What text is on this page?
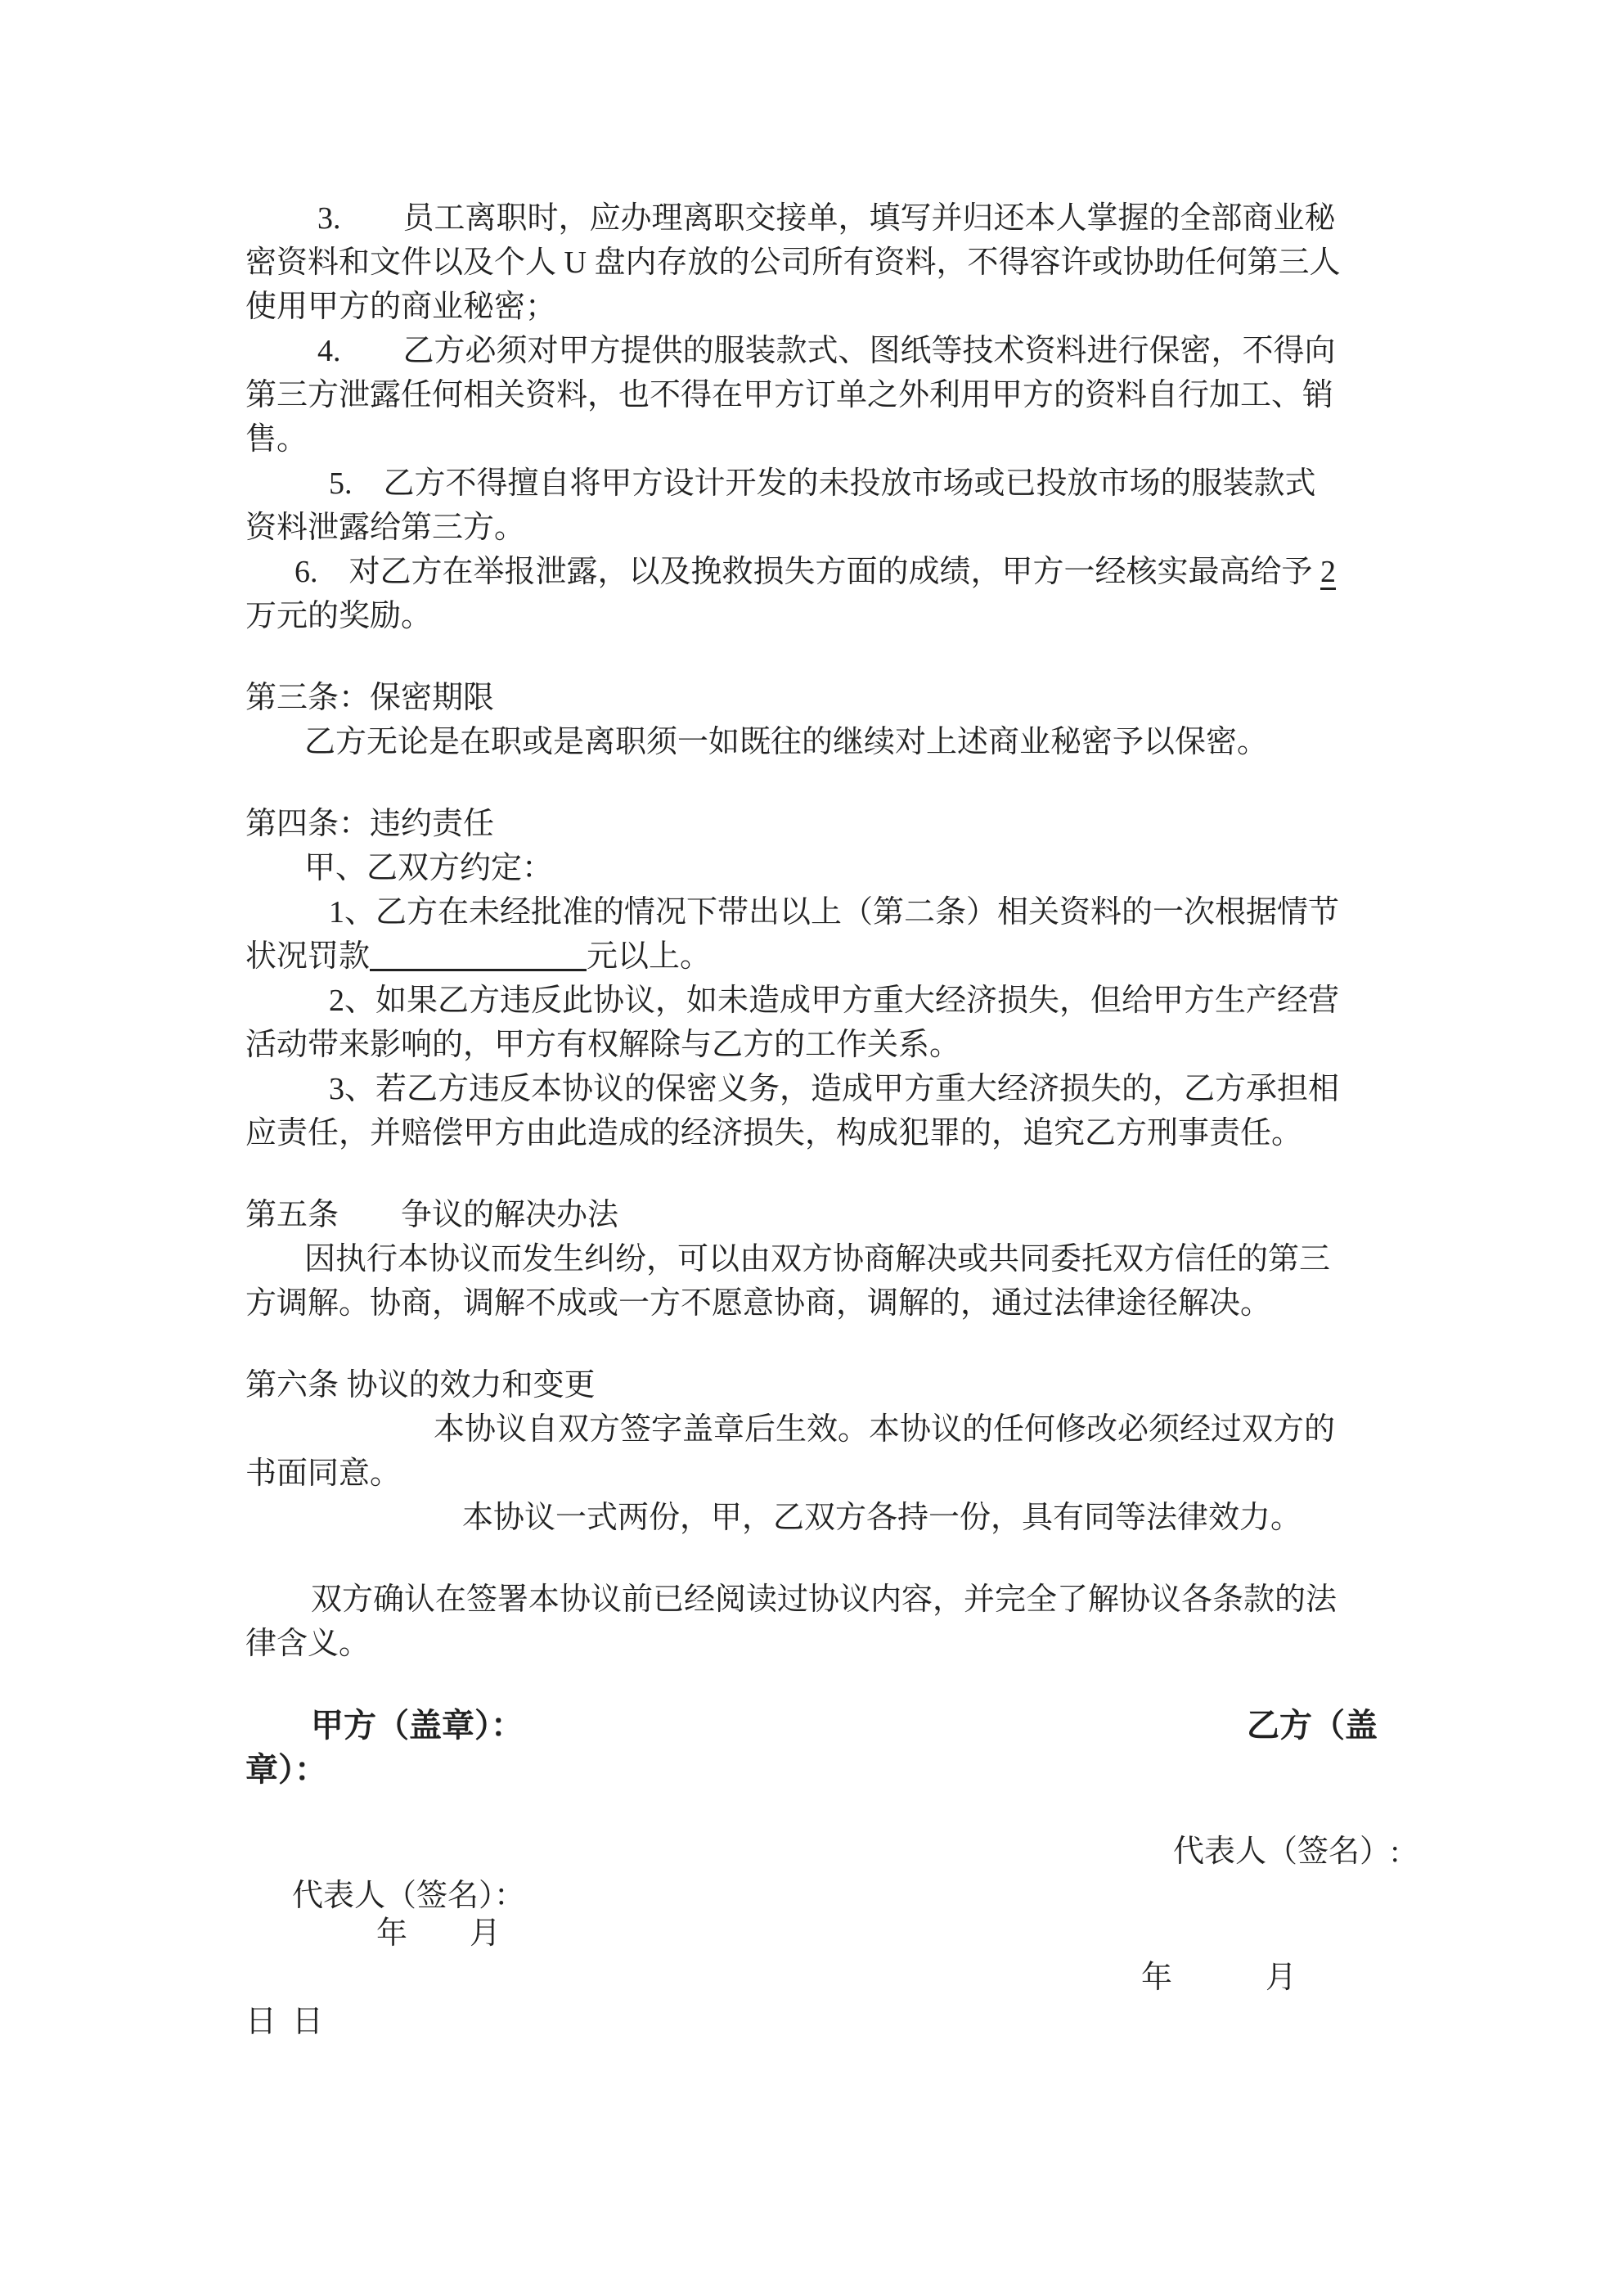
3.　　员工离职时，应办理离职交接单，填写并归还本人掌握的全部商业秘
密资料和文件以及个人 U 盘内存放的公司所有资料，不得容许或协助任何第三人
使用甲方的商业秘密；
4.　　乙方必须对甲方提供的服装款式、图纸等技术资料进行保密，不得向
第三方泄露任何相关资料，也不得在甲方订单之外利用甲方的资料自行加工、销
售。
5.　乙方不得擅自将甲方设计开发的未投放市场或已投放市场的服装款式
资料泄露给第三方。
6.　对乙方在举报泄露，以及挽救损失方面的成绩，甲方一经核实最高给予 2
万元的奖励。
第三条：保密期限
乙方无论是在职或是离职须一如既往的继续对上述商业秘密予以保密。
第四条：违约责任
甲、乙双方约定：
1、乙方在未经批准的情况下带出以上（第二条）相关资料的一次根据情节
状况罚款	元以上。
2、如果乙方违反此协议，如未造成甲方重大经济损失，但给甲方生产经营
活动带来影响的，甲方有权解除与乙方的工作关系。
3、若乙方违反本协议的保密义务，造成甲方重大经济损失的，乙方承担相
应责任，并赔偿甲方由此造成的经济损失，构成犯罪的，追究乙方刑事责任。
第五条　　争议的解决办法
因执行本协议而发生纠纷，可以由双方协商解决或共同委托双方信任的第三
方调解。协商，调解不成或一方不愿意协商，调解的，通过法律途径解决。
第六条 协议的效力和变更
本协议自双方签字盖章后生效。本协议的任何修改必须经过双方的
书面同意。
本协议一式两份，甲，乙双方各持一份，具有同等法律效力。
双方确认在签署本协议前已经阅读过协议内容，并完全了解协议各条款的法
律含义。
甲方（盖章）：	乙方（盖
章）：

代表人（签名）：

代表人（签名）:

年　　月

日

年　　　月

日
